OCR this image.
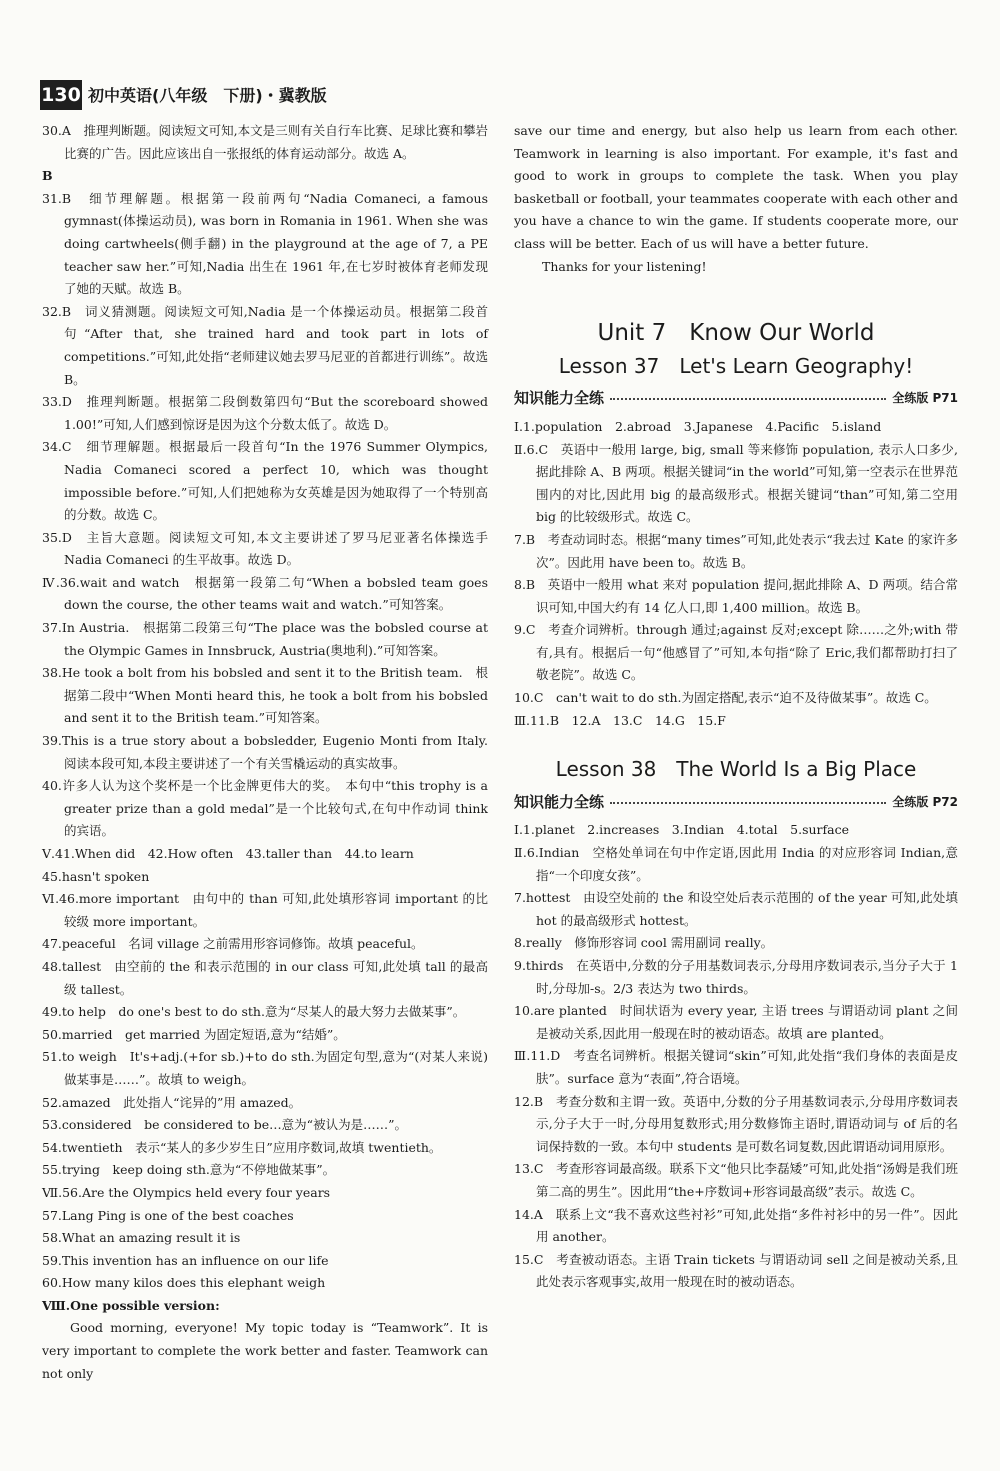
130 初中英语(八年级　下册)・冀教版

30.A　推理判断题。阅读短文可知,本文是三则有关自行车比赛、足球比赛和攀岩比赛的广告。因此应该出自一张报纸的体育运动部分。故选 A。

B

31.B　细节理解题。根据第一段前两句“Nadia Comaneci, a famous gymnast(体操运动员), was born in Romania in 1961. When she was doing cartwheels(侧手翻) in the playground at the age of 7, a PE teacher saw her.”可知,Nadia 出生在 1961 年,在七岁时被体育老师发现了她的天赋。故选 B。

32.B　词义猜测题。阅读短文可知,Nadia 是一个体操运动员。根据第二段首句“After that, she trained hard and took part in lots of competitions.”可知,此处指“老师建议她去罗马尼亚的首都进行训练”。故选 B。

33.D　推理判断题。根据第二段倒数第四句“But the scoreboard showed 1.00!”可知,人们感到惊讶是因为这个分数太低了。故选 D。

34.C　细节理解题。根据最后一段首句“In the 1976 Summer Olympics, Nadia Comaneci scored a perfect 10, which was thought impossible before.”可知,人们把她称为女英雄是因为她取得了一个特别高的分数。故选 C。

35.D　主旨大意题。阅读短文可知,本文主要讲述了罗马尼亚著名体操选手 Nadia Comaneci 的生平故事。故选 D。

Ⅳ.36.wait and watch　根据第一段第二句“When a bobsled team goes down the course, the other teams wait and watch.”可知答案。

37.In Austria.　根据第二段第三句“The place was the bobsled course at the Olympic Games in Innsbruck, Austria(奥地利).”可知答案。

38.He took a bolt from his bobsled and sent it to the British team.　根据第二段中“When Monti heard this, he took a bolt from his bobsled and sent it to the British team.”可知答案。

39.This is a true story about a bobsledder, Eugenio Monti from Italy.　阅读本段可知,本段主要讲述了一个有关雪橇运动的真实故事。

40.许多人认为这个奖杯是一个比金牌更伟大的奖。　本句中“this trophy is a greater prize than a gold medal”是一个比较句式,在句中作动词 think 的宾语。

Ⅴ.41.When did　42.How often　43.taller than　44.to learn

45.hasn't spoken

Ⅵ.46.more important　由句中的 than 可知,此处填形容词 important 的比较级 more important。

47.peaceful　名词 village 之前需用形容词修饰。故填 peaceful。

48.tallest　由空前的 the 和表示范围的 in our class 可知,此处填 tall 的最高级 tallest。

49.to help　do one's best to do sth.意为“尽某人的最大努力去做某事”。

50.married　get married 为固定短语,意为“结婚”。

51.to weigh　It's+adj.(+for sb.)+to do sth.为固定句型,意为“(对某人来说)做某事是……”。故填 to weigh。

52.amazed　此处指人“诧异的”用 amazed。

53.considered　be considered to be…意为“被认为是……”。

54.twentieth　表示“某人的多少岁生日”应用序数词,故填 twentieth。

55.trying　keep doing sth.意为“不停地做某事”。

Ⅶ.56.Are the Olympics held every four years

57.Lang Ping is one of the best coaches

58.What an amazing result it is

59.This invention has an influence on our life

60.How many kilos does this elephant weigh

Ⅷ.One possible version:

Good morning, everyone! My topic today is “Teamwork”. It is very important to complete the work better and faster. Teamwork can not only

save our time and energy, but also help us learn from each other. Teamwork in learning is also important. For example, it's fast and good to work in groups to complete the task. When you play basketball or football, your teammates cooperate with each other and you have a chance to win the game. If students cooperate more, our class will be better. Each of us will have a better future.

Thanks for your listening!

Unit 7　Know Our World
Lesson 37　Let's Learn Geography!
知识能力全练	全练版 P71

Ⅰ.1.population　2.abroad　3.Japanese　4.Pacific　5.island

Ⅱ.6.C　英语中一般用 large, big, small 等来修饰 population, 表示人口多少,据此排除 A、B 两项。根据关键词“in the world”可知,第一空表示在世界范围内的对比,因此用 big 的最高级形式。根据关键词“than”可知,第二空用 big 的比较级形式。故选 C。

7.B　考查动词时态。根据“many times”可知,此处表示“我去过 Kate 的家许多次”。因此用 have been to。故选 B。

8.B　英语中一般用 what 来对 population 提问,据此排除 A、D 两项。结合常识可知,中国大约有 14 亿人口,即 1,400 million。故选 B。

9.C　考查介词辨析。through 通过;against 反对;except 除……之外;with 带有,具有。根据后一句“他感冒了”可知,本句指“除了 Eric,我们都帮助打扫了敬老院”。故选 C。

10.C　can't wait to do sth.为固定搭配,表示“迫不及待做某事”。故选 C。

Ⅲ.11.B　12.A　13.C　14.G　15.F

Lesson 38　The World Is a Big Place
知识能力全练	全练版 P72

Ⅰ.1.planet　2.increases　3.Indian　4.total　5.surface

Ⅱ.6.Indian　空格处单词在句中作定语,因此用 India 的对应形容词 Indian,意指“一个印度女孩”。

7.hottest　由设空处前的 the 和设空处后表示范围的 of the year 可知,此处填 hot 的最高级形式 hottest。

8.really　修饰形容词 cool 需用副词 really。

9.thirds　在英语中,分数的分子用基数词表示,分母用序数词表示,当分子大于 1 时,分母加-s。2/3 表达为 two thirds。

10.are planted　时间状语为 every year, 主语 trees 与谓语动词 plant 之间是被动关系,因此用一般现在时的被动语态。故填 are planted。

Ⅲ.11.D　考查名词辨析。根据关键词“skin”可知,此处指“我们身体的表面是皮肤”。surface 意为“表面”,符合语境。

12.B　考查分数和主谓一致。英语中,分数的分子用基数词表示,分母用序数词表示,分子大于一时,分母用复数形式;用分数修饰主语时,谓语动词与 of 后的名词保持数的一致。本句中 students 是可数名词复数,因此谓语动词用原形。

13.C　考查形容词最高级。联系下文“他只比李磊矮”可知,此处指“汤姆是我们班第二高的男生”。因此用“the+序数词+形容词最高级”表示。故选 C。

14.A　联系上文“我不喜欢这些衬衫”可知,此处指“多件衬衫中的另一件”。因此用 another。

15.C　考查被动语态。主语 Train tickets 与谓语动词 sell 之间是被动关系,且此处表示客观事实,故用一般现在时的被动语态。
